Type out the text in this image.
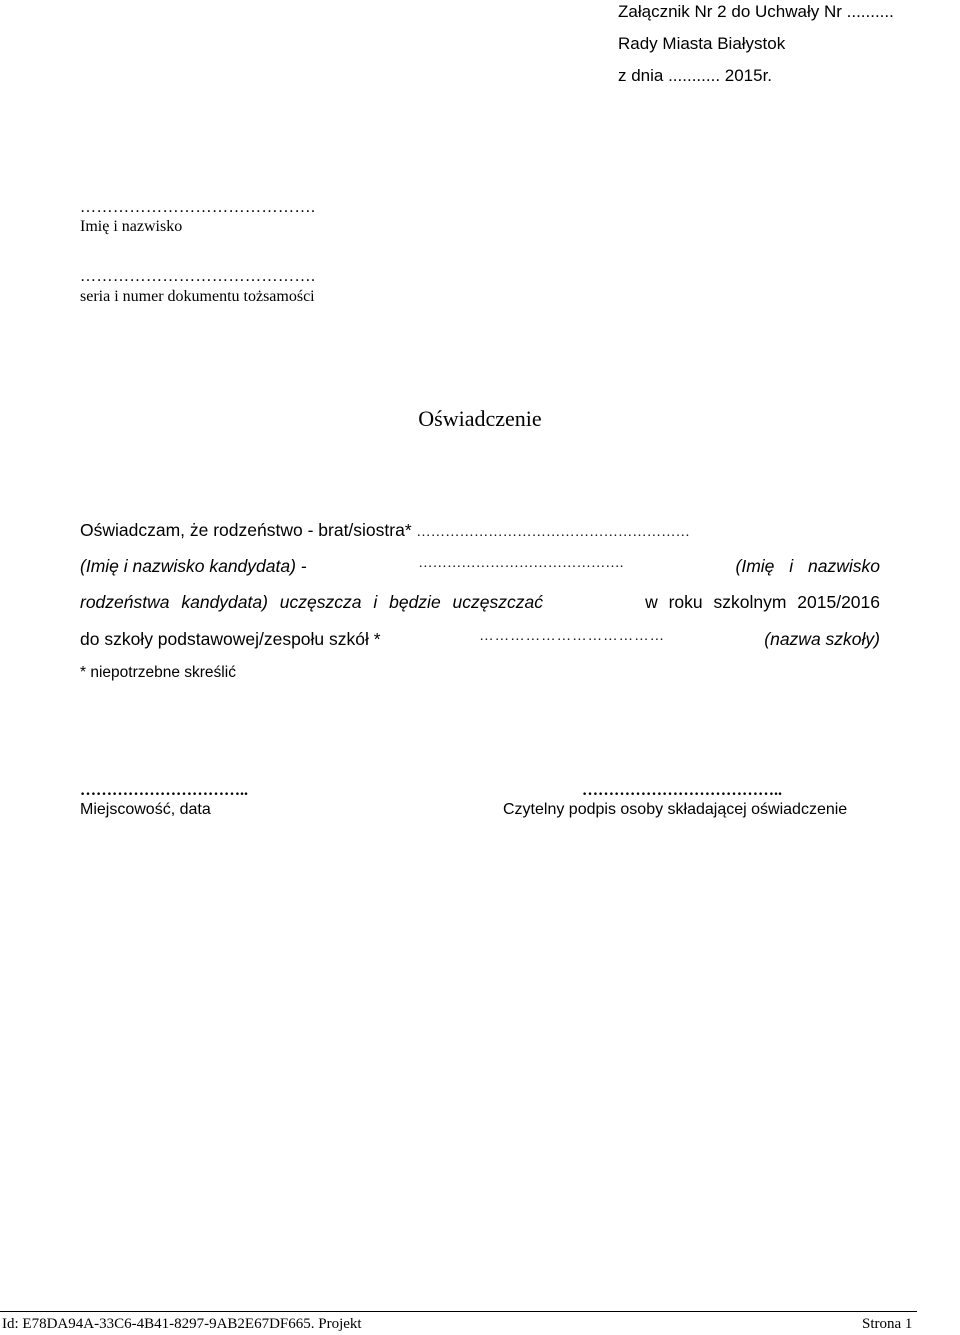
Załącznik Nr 2 do Uchwały Nr ..........
Rady Miasta Białystok
z dnia ........... 2015r.
…………………………………….
Imię i nazwisko
…………………………………….
seria i numer dokumentu tożsamości
Oświadczenie
Oświadczam, że rodzeństwo - brat/siostra* …………………………………………………
(Imię i nazwisko kandydata) -	…………………………………….	(Imię i nazwisko
rodzeństwa kandydata) uczęszcza i będzie uczęszczać	w roku szkolnym 2015/2016
do szkoły podstawowej/zespołu szkół *	………………………………	(nazwa szkoły)
* niepotrzebne skreślić
…………………………..
Miejscowość, data
………………………………..
Czytelny podpis osoby składającej oświadczenie
Id: E78DA94A-33C6-4B41-8297-9AB2E67DF665. Projekt	Strona 1
